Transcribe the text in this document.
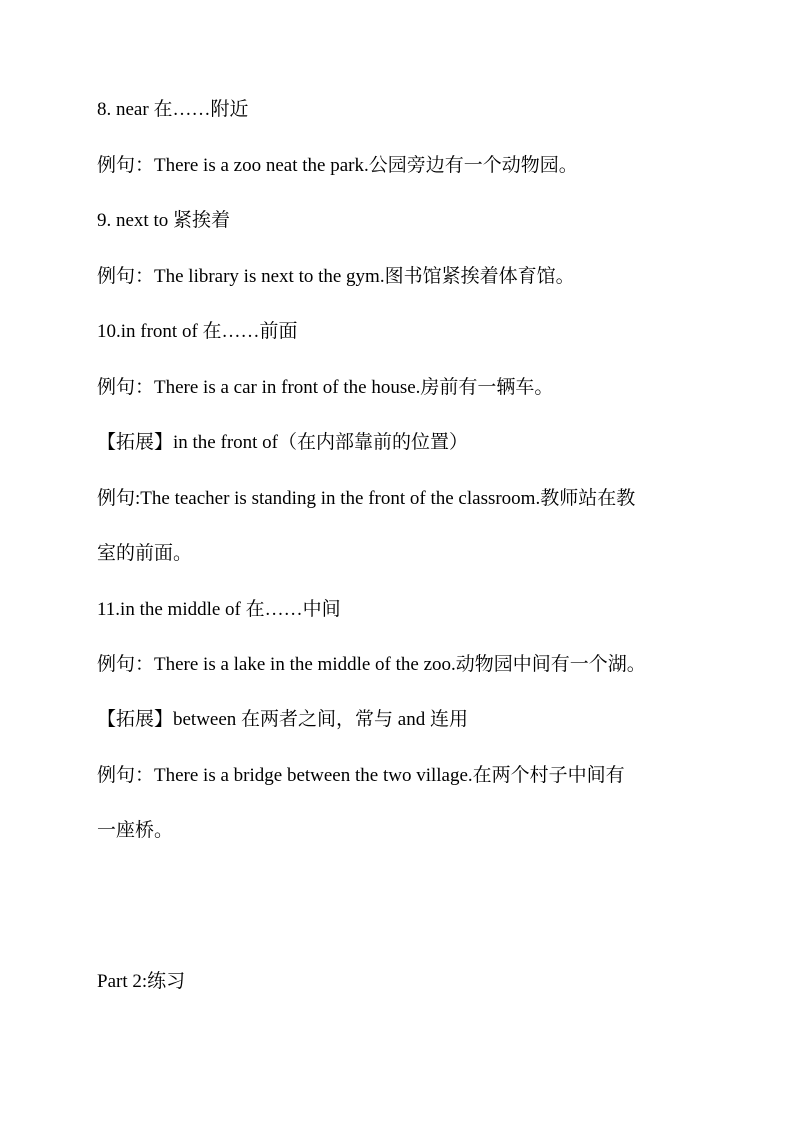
8. near 在……附近
例句：There is a zoo neat the park.公园旁边有一个动物园。
9. next to 紧挨着
例句：The library is next to the gym.图书馆紧挨着体育馆。
10.in front of 在……前面
例句：There is a car in front of the house.房前有一辆车。
【拓展】in the front of（在内部靠前的位置）
例句:The teacher is standing in the front of the classroom.教师站在教
室的前面。
11.in the middle of 在……中间
例句：There is a lake in the middle of the zoo.动物园中间有一个湖。
【拓展】between 在两者之间，常与 and 连用
例句：There is a bridge between the two village.在两个村子中间有
一座桥。
Part 2:练习
